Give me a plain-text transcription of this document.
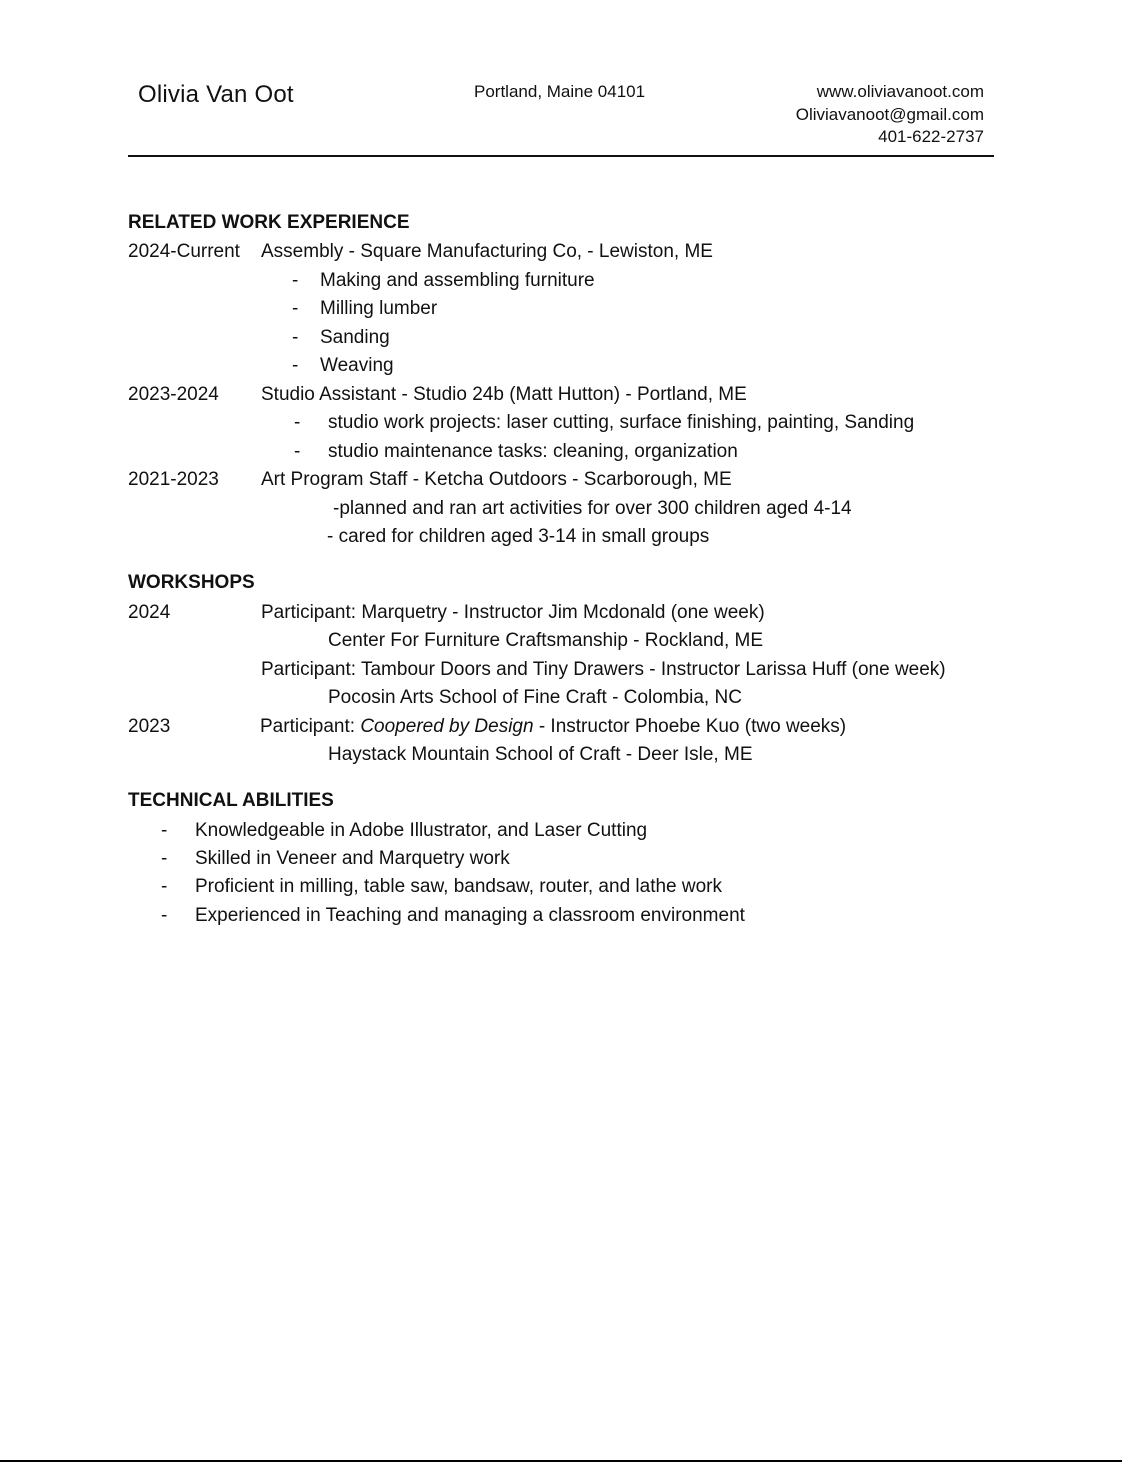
Olivia Van Oot	Portland, Maine 04101	www.oliviavanoot.com
Oliviavanoot@gmail.com
401-622-2737
RELATED WORK EXPERIENCE
2024-Current Assembly - Square Manufacturing Co, - Lewiston, ME
- Making and assembling furniture
- Milling lumber
- Sanding
- Weaving
2023-2024 Studio Assistant - Studio 24b (Matt Hutton) - Portland, ME
- studio work projects: laser cutting, surface finishing, painting, Sanding
- studio maintenance tasks: cleaning, organization
2021-2023 Art Program Staff - Ketcha Outdoors - Scarborough, ME
-planned and ran art activities for over 300 children aged 4-14
- cared for children aged 3-14 in small groups
WORKSHOPS
2024	Participant: Marquetry - Instructor Jim Mcdonald (one week)
Center For Furniture Craftsmanship - Rockland, ME
Participant: Tambour Doors and Tiny Drawers - Instructor Larissa Huff (one week)
Pocosin Arts School of Fine Craft - Colombia, NC
2023	Participant: Coopered by Design - Instructor Phoebe Kuo (two weeks)
Haystack Mountain School of Craft - Deer Isle, ME
TECHNICAL ABILITIES
- Knowledgeable in Adobe Illustrator, and Laser Cutting
- Skilled in Veneer and Marquetry work
- Proficient in milling, table saw, bandsaw, router, and lathe work
- Experienced in Teaching and managing a classroom environment
